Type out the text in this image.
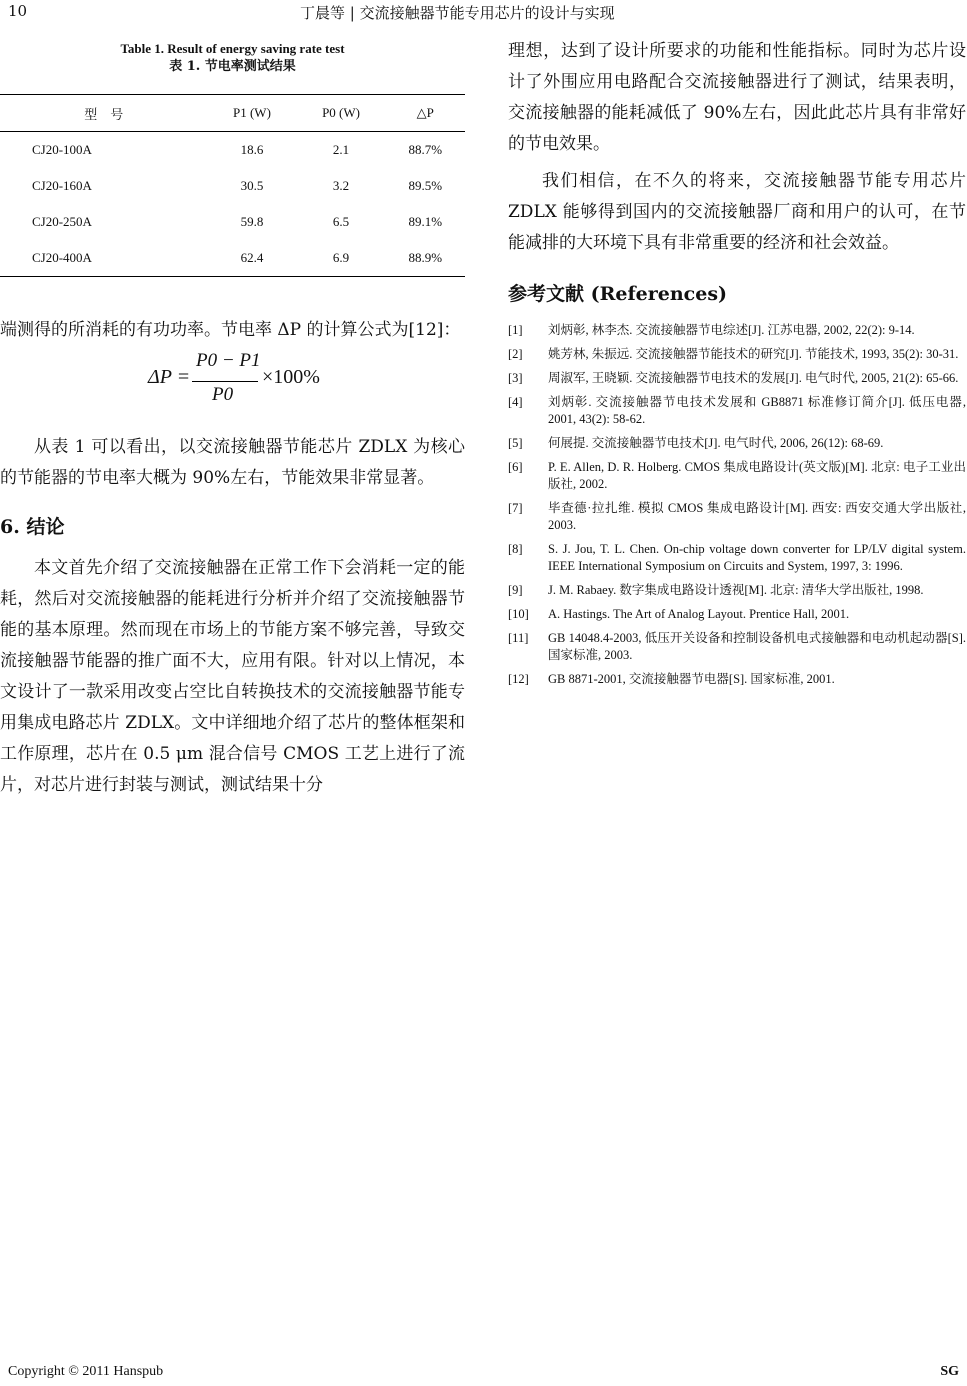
10	丁晨等 | 交流接触器节能专用芯片的设计与实现
Table 1. Result of energy saving rate test
表 1. 节电率测试结果
型　号	P1 (W)	P0 (W)	△P
CJ20-100A	18.6	2.1	88.7%
CJ20-160A	30.5	3.2	89.5%
CJ20-250A	59.8	6.5	89.1%
CJ20-400A	62.4	6.9	88.9%

端测得的所消耗的有功功率。节电率 ΔP 的计算公式为[12]：

ΔP =
P0 − P1
P0
×100%

从表 1 可以看出，以交流接触器节能芯片 ZDLX 为核心的节能器的节电率大概为 90%左右，节能效果非常显著。

6. 结论

本文首先介绍了交流接触器在正常工作下会消耗一定的能耗，然后对交流接触器的能耗进行分析并介绍了交流接触器节能的基本原理。然而现在市场上的节能方案不够完善，导致交流接触器节能器的推广面不大，应用有限。针对以上情况，本文设计了一款采用改变占空比自转换技术的交流接触器节能专用集成电路芯片 ZDLX。文中详细地介绍了芯片的整体框架和工作原理，芯片在 0.5 μm 混合信号 CMOS 工艺上进行了流片，对芯片进行封装与测试，测试结果十分

理想，达到了设计所要求的功能和性能指标。同时为芯片设计了外围应用电路配合交流接触器进行了测试，结果表明，交流接触器的能耗减低了 90%左右，因此此芯片具有非常好的节电效果。

我们相信，在不久的将来，交流接触器节能专用芯片 ZDLX 能够得到国内的交流接触器厂商和用户的认可，在节能减排的大环境下具有非常重要的经济和社会效益。

参考文献 (References)
[1]	刘炳彰, 林李杰. 交流接触器节电综述[J]. 江苏电器, 2002, 22(2): 9-14.
[2]	姚芳林, 朱振远. 交流接触器节能技术的研究[J]. 节能技术, 1993, 35(2): 30-31.
[3]	周淑军, 王晓颖. 交流接触器节电技术的发展[J]. 电气时代, 2005, 21(2): 65-66.
[4]	刘炳彰. 交流接触器节电技术发展和 GB8871 标准修订简介[J]. 低压电器, 2001, 43(2): 58-62.
[5]	何展提. 交流接触器节电技术[J]. 电气时代, 2006, 26(12): 68-69.
[6]	P. E. Allen, D. R. Holberg. CMOS 集成电路设计(英文版)[M]. 北京: 电子工业出版社, 2002.
[7]	毕查德·拉扎维. 模拟 CMOS 集成电路设计[M]. 西安: 西安交通大学出版社, 2003.
[8]	S. J. Jou, T. L. Chen. On-chip voltage down converter for LP/LV digital system. IEEE International Symposium on Circuits and System, 1997, 3: 1996.
[9]	J. M. Rabaey. 数字集成电路设计透视[M]. 北京: 清华大学出版社, 1998.
[10]	A. Hastings. The Art of Analog Layout. Prentice Hall, 2001.
[11]	GB 14048.4-2003, 低压开关设备和控制设备机电式接触器和电动机起动器[S]. 国家标准, 2003.
[12]	GB 8871-2001, 交流接触器节电器[S]. 国家标准, 2001.
Copyright © 2011 Hanspub	SG
